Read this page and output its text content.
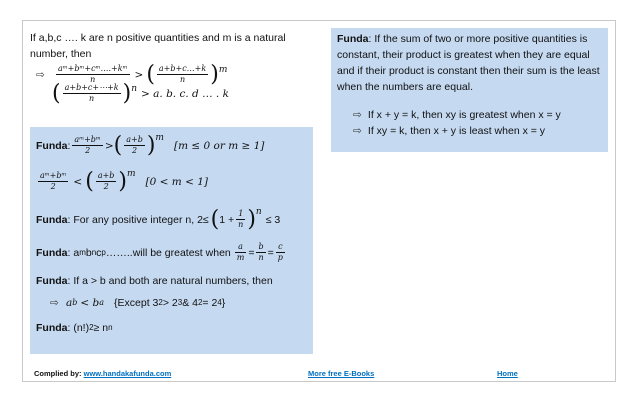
If a,b,c …. k are n positive quantities and m is a natural number, then

⇨	$\frac{\text{aᵐ+bᵐ+cᵐ….+kᵐ}}{n}$ > ( $\frac{a+b+c\dots+k}{n}$ ) m
( $\frac{a+b+c+\cdots+k}{n}$ ) n > a. b. c. d … . k
Funda : $\frac{\text{aᵐ+bᵐ}}{2}$ > ( $\frac{a+b}{2}$ ) m
[m ≤ 0 or m ≥ 1]
$\frac{\text{aᵐ+bᵐ}}{2}$ < ( $\frac{a+b}{2}$ ) m
[0 < m < 1]
Funda : For any positive integer n, 2≤ ( $1 + \frac{1}{n}$ ) n
≤ 3
Funda : a m b n c p ……..will be greatest when $\frac{a}{m} = \frac{b}{n} = \frac{c}{p}$
Funda : If a > b and both are natural numbers, then
⇨ a b < b a {Except 3 2 > 2 3 & 4 2 = 2 4 }
Funda : (n!) 2 ≥ n n
Funda: If the sum of two or more positive quantities is constant, their product is greatest when they are equal and if their product is constant then their sum is the least when the numbers are equal.
⇨ If x + y = k, then xy is greatest when x = y
⇨ If xy = k, then x + y is least when x = y
Complied by: www.handakafunda.com	More free E-Books	Home
